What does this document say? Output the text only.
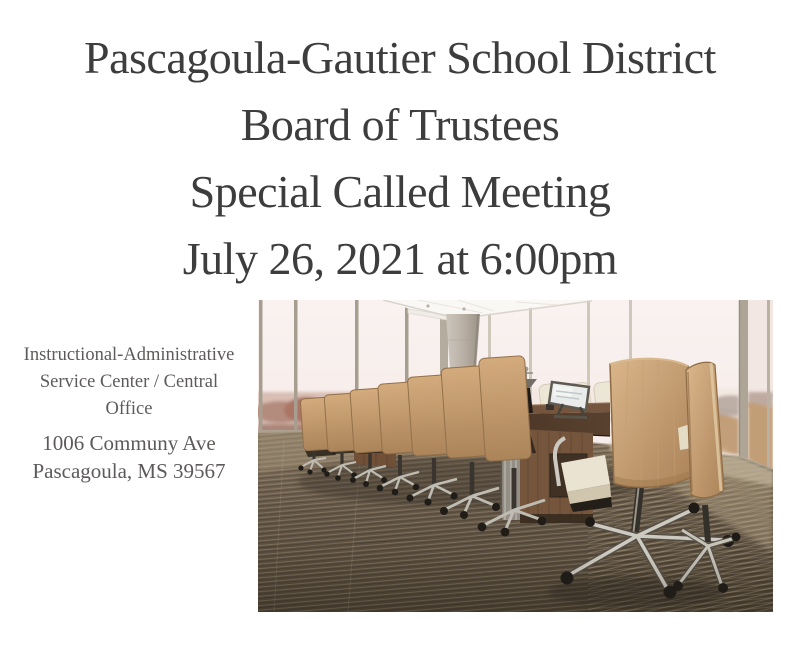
Pascagoula-Gautier School District
Board of Trustees
Special Called Meeting
July 26, 2021 at 6:00pm

Instructional-Administrative
Service Center / Central
Office

1006 Communy Ave
Pascagoula, MS 39567
